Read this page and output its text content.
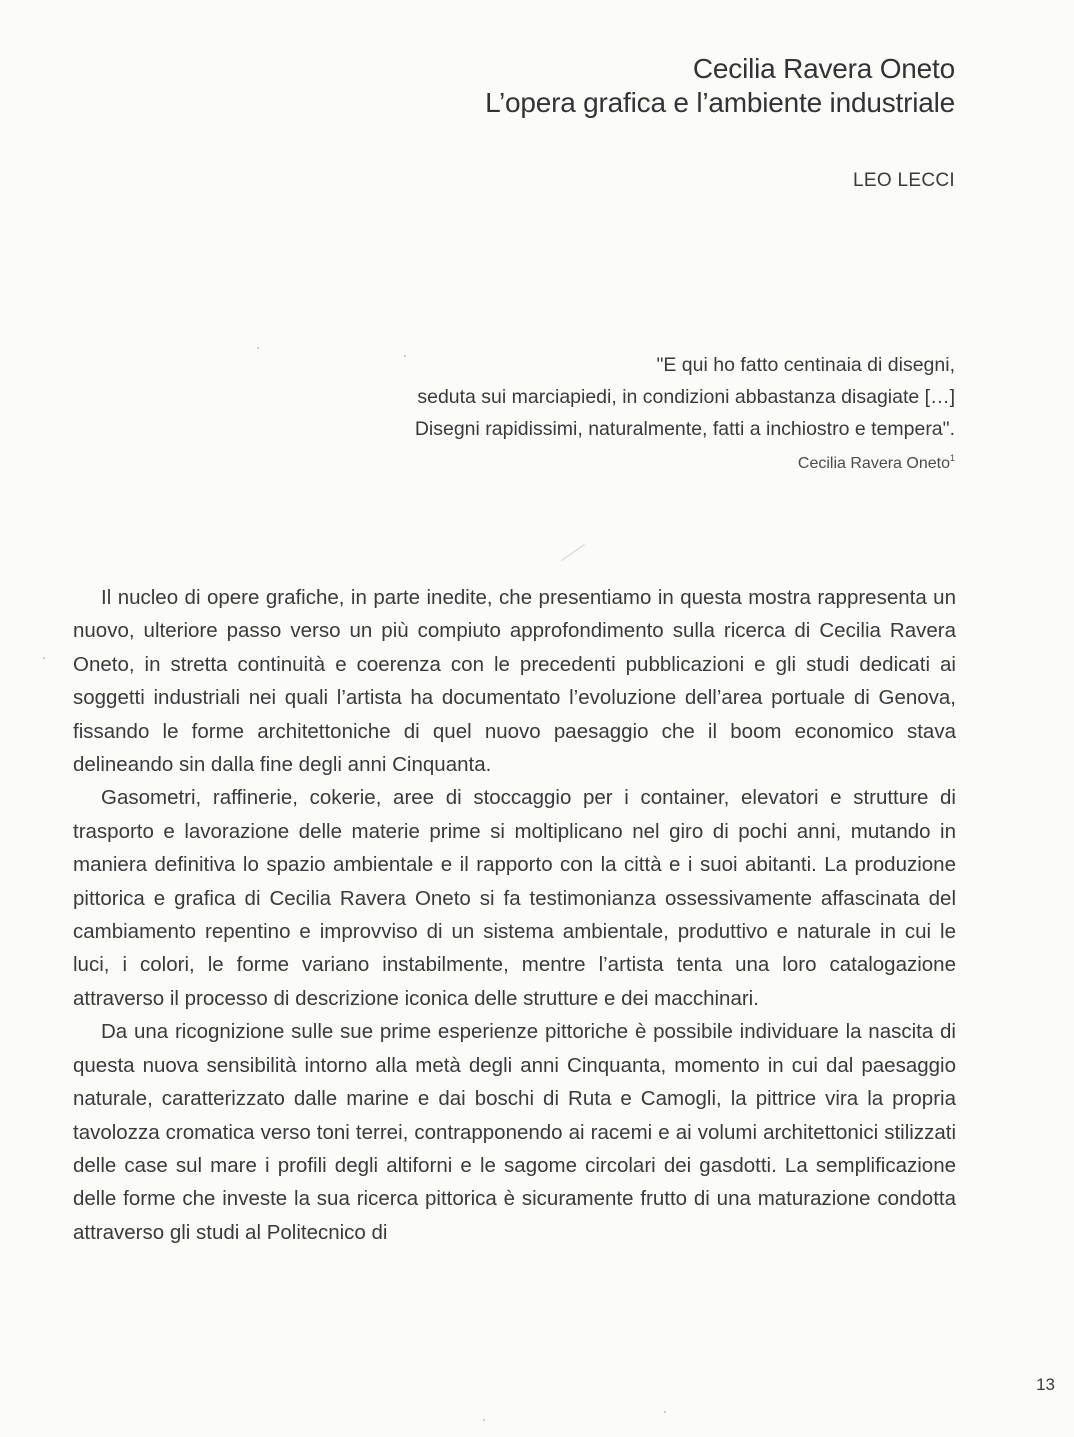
Cecilia Ravera Oneto
L’opera grafica e l’ambiente industriale
LEO LECCI
"E qui ho fatto centinaia di disegni,
seduta sui marciapiedi, in condizioni abbastanza disagiate […]
Disegni rapidissimi, naturalmente, fatti a inchiostro e tempera".
Cecilia Ravera Oneto$^1$

Il nucleo di opere grafiche, in parte inedite, che presentiamo in questa mostra rappresenta un nuovo, ulteriore passo verso un più compiuto approfondimento sulla ricerca di Cecilia Ravera Oneto, in stretta continuità e coerenza con le precedenti pubblicazioni e gli studi dedicati ai soggetti industriali nei quali l’artista ha documentato l’evoluzione dell’area portuale di Genova, fissando le forme architettoniche di quel nuovo paesaggio che il boom economico stava delineando sin dalla fine degli anni Cinquanta.

Gasometri, raffinerie, cokerie, aree di stoccaggio per i container, elevatori e strutture di trasporto e lavorazione delle materie prime si moltiplicano nel giro di pochi anni, mutando in maniera definitiva lo spazio ambientale e il rapporto con la città e i suoi abitanti. La produzione pittorica e grafica di Cecilia Ravera Oneto si fa testimonianza ossessivamente affascinata del cambiamento repentino e improvviso di un sistema ambientale, produttivo e naturale in cui le luci, i colori, le forme variano instabilmente, mentre l’artista tenta una loro catalogazione attraverso il processo di descrizione iconica delle strutture e dei macchinari.

Da una ricognizione sulle sue prime esperienze pittoriche è possibile individuare la nascita di questa nuova sensibilità intorno alla metà degli anni Cinquanta, momento in cui dal paesaggio naturale, caratterizzato dalle marine e dai boschi di Ruta e Camogli, la pittrice vira la propria tavolozza cromatica verso toni terrei, contrapponendo ai racemi e ai volumi architettonici stilizzati delle case sul mare i profili degli altiforni e le sagome circolari dei gasdotti. La semplificazione delle forme che investe la sua ricerca pittorica è sicuramente frutto di una maturazione condotta attraverso gli studi al Politecnico di

13
